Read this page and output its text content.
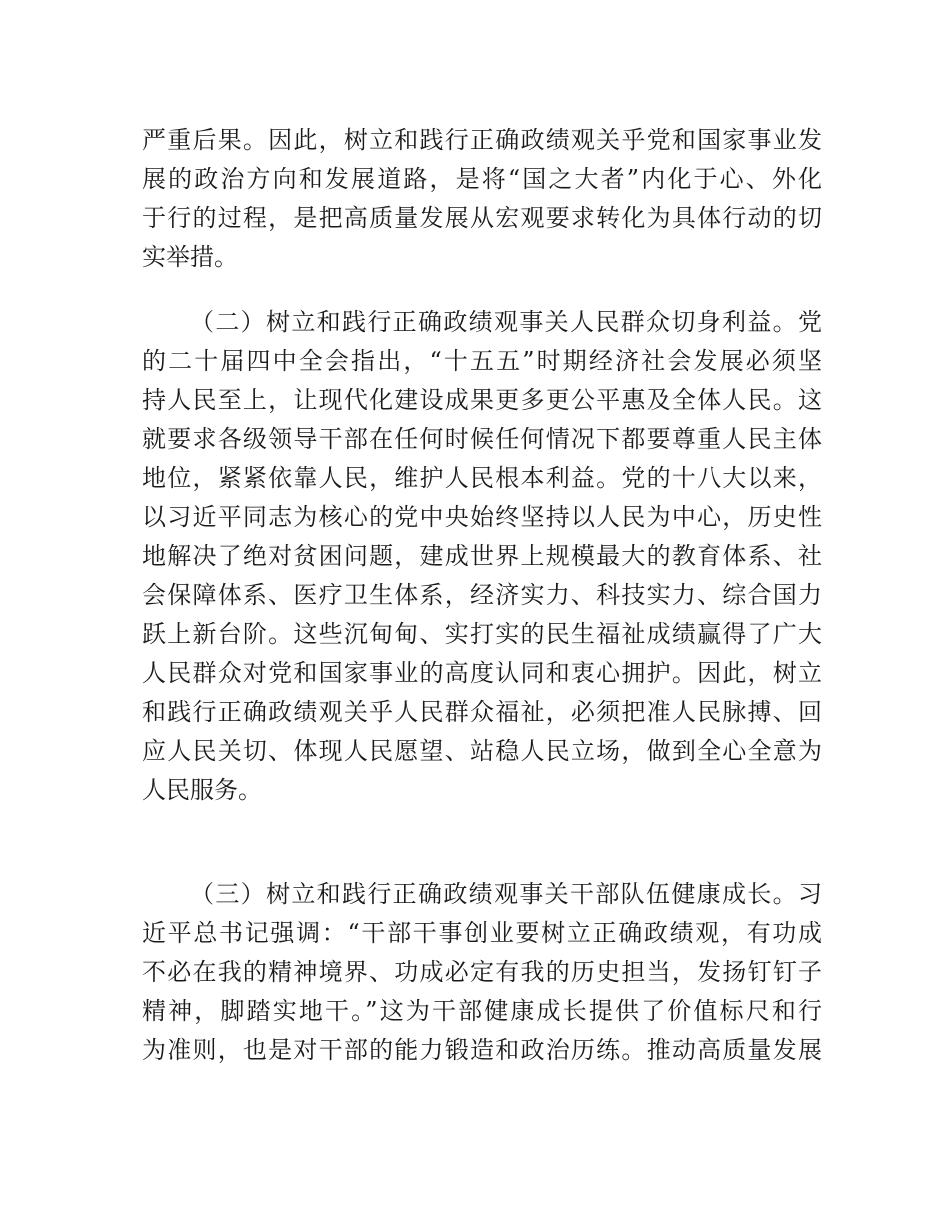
严重后果。因此，树立和践行正确政绩观关乎党和国家事业发
展的政治方向和发展道路，是将“国之大者”内化于心、外化
于行的过程，是把高质量发展从宏观要求转化为具体行动的切
实举措。
（二）树立和践行正确政绩观事关人民群众切身利益。党
的二十届四中全会指出，“十五五”时期经济社会发展必须坚
持人民至上，让现代化建设成果更多更公平惠及全体人民。这
就要求各级领导干部在任何时候任何情况下都要尊重人民主体
地位，紧紧依靠人民，维护人民根本利益。党的十八大以来，
以习近平同志为核心的党中央始终坚持以人民为中心，历史性
地解决了绝对贫困问题，建成世界上规模最大的教育体系、社
会保障体系、医疗卫生体系，经济实力、科技实力、综合国力
跃上新台阶。这些沉甸甸、实打实的民生福祉成绩赢得了广大
人民群众对党和国家事业的高度认同和衷心拥护。因此，树立
和践行正确政绩观关乎人民群众福祉，必须把准人民脉搏、回
应人民关切、体现人民愿望、站稳人民立场，做到全心全意为
人民服务。
（三）树立和践行正确政绩观事关干部队伍健康成长。习
近平总书记强调：“干部干事创业要树立正确政绩观，有功成
不必在我的精神境界、功成必定有我的历史担当，发扬钉钉子
精神，脚踏实地干。”这为干部健康成长提供了价值标尺和行
为准则，也是对干部的能力锻造和政治历练。推动高质量发展
